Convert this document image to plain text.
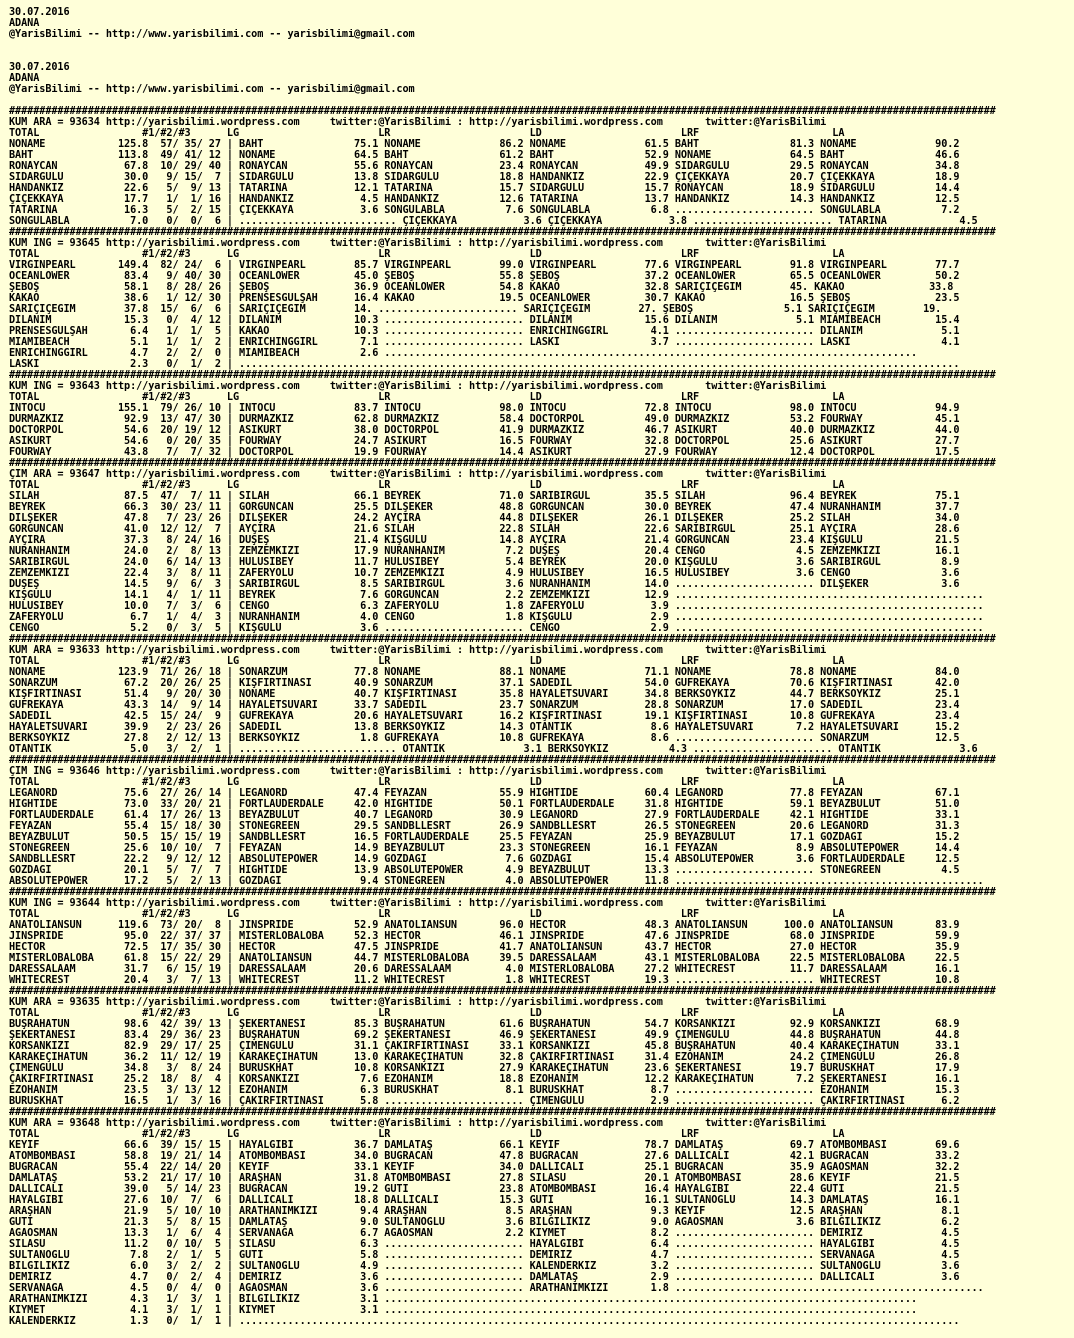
30.07.2016
ADANA
@YarisBilimi -- http://www.yarisbilimi.com -- yarisbilimi@gmail.com

30.07.2016
ADANA
@YarisBilimi -- http://www.yarisbilimi.com -- yarisbilimi@gmail.com

###################################################################################################################################################################
KUM ARA = 93634 http://yarisbilimi.wordpress.com     twitter:@YarisBilimi : http://yarisbilimi.wordpress.com       twitter:@YarisBilimi
TOTAL                 #1/#2/#3      LG                       LR                       LD                       LRF                      LA
NONAME            125.8  57/ 35/ 27 | BAHT               75.1 NONAME             86.2 NONAME             61.5 BAHT               81.3 NONAME             90.2
BAHT              113.8  49/ 41/ 12 | NONAME             64.5 BAHT               61.2 BAHT               52.9 NONAME             64.5 BAHT               46.6
RONAYCAN           67.8  10/ 29/ 40 | RONAYCAN           55.6 RONAYCAN           23.4 RONAYCAN           49.9 SIDARGÜLÜ          29.5 RONAYCAN           34.8
SIDARGÜLÜ          30.0   9/ 15/  7 | SIDARGÜLÜ          13.8 SIDARGÜLÜ          18.8 HANDANKIZ          22.9 ÇİÇEKKAYA          20.7 ÇİÇEKKAYA          18.9
HANDANKIZ          22.6   5/  9/ 13 | TATARİNA           12.1 TATARİNA           15.7 SIDARGÜLÜ          15.7 RONAYCAN           18.9 SIDARGÜLÜ          14.4
ÇİÇEKKAYA          17.7   1/  1/ 16 | HANDANKIZ           4.5 HANDANKIZ          12.6 TATARİNA           13.7 HANDANKIZ          14.3 HANDANKIZ          12.5
TATARİNA           16.3   5/  2/ 15 | ÇİÇEKKAYA           3.6 SONGULABLA          7.6 SONGULABLA          6.8 ....................... SONGULABLA          7.2
SONGULABLA          7.0   0/  0/  6 | .......................... ÇİÇEKKAYA           3.6 ÇİÇEKKAYA           3.8 ....................... TATARİNA            4.5
###################################################################################################################################################################
KUM ING = 93645 http://yarisbilimi.wordpress.com     twitter:@YarisBilimi : http://yarisbilimi.wordpress.com       twitter:@YarisBilimi
TOTAL                 #1/#2/#3      LG                       LR                       LD                       LRF                      LA
VIRGINPEARL       149.4  82/ 24/  6 | VIRGINPEARL        85.7 VIRGINPEARL        99.0 VIRGINPEARL        77.6 VIRGINPEARL        91.8 VIRGINPEARL        77.7
OCEANLOWER         83.4   9/ 40/ 30 | OCEANLOWER         45.0 ŞEBOŞ              55.8 ŞEBOŞ              37.2 OCEANLOWER         65.5 OCEANLOWER         50.2
ŞEBOŞ              58.1   8/ 28/ 26 | ŞEBOŞ              36.9 OCEANLOWER         54.8 KAKAO              32.8 SARIÇİÇEGİM        45. KAKAO              33.8
KAKAO              38.6   1/ 12/ 30 | PRENSESGÜLŞAH      16.4 KAKAO              19.5 OCEANLOWER         30.7 KAKAO              16.5 ŞEBOŞ              23.5
SARIÇİÇEGİM        37.8  15/  6/  6 | SARIÇİÇEGİM        14. ....................... SARIÇİÇEGİM        27. ŞEBOŞ               5.1 SARIÇİÇEGİM        19.
DİLANİM            15.3   0/  4/ 12 | DİLANİM            10.3 ....................... DİLANİM            15.6 DİLANİM             5.1 MİAMİBEACH         15.4
PRENSESGÜLŞAH       6.4   1/  1/  5 | KAKAO              10.3 ....................... ENRİCHINGGIRL       4.1 ....................... DİLANİM             5.1
MİAMİBEACH          5.1   1/  1/  2 | ENRİCHINGGIRL       7.1 ....................... LASKİ               3.7 ....................... LASKİ               4.1
ENRİCHINGGIRL       4.7   2/  2/  0 | MİAMİBEACH          2.6 ........................................................................................
LASKİ               2.3   0/  1/  2 | .......................................................................................................................
###################################################################################################################################################################
KUM ING = 93643 http://yarisbilimi.wordpress.com     twitter:@YarisBilimi : http://yarisbilimi.wordpress.com       twitter:@YarisBilimi
TOTAL                 #1/#2/#3      LG                       LR                       LD                       LRF                      LA
INTOCU            155.1  79/ 26/ 10 | INTOCU             83.7 INTOCU             98.0 INTOCU             72.8 INTOCU             98.0 INTOCU             94.9
DURMAZKIZ          92.9  13/ 47/ 30 | DURMAZKIZ          62.8 DURMAZKIZ          58.4 DOCTORPOL          49.0 DURMAZKIZ          53.2 FOURWAY            45.1
DOCTORPOL          54.6  20/ 19/ 12 | ASİKURT            38.0 DOCTORPOL          41.9 DURMAZKIZ          46.7 ASİKURT            40.0 DURMAZKIZ          44.0
ASİKURT            54.6   0/ 20/ 35 | FOURWAY            24.7 ASİKURT            16.5 FOURWAY            32.8 DOCTORPOL          25.6 ASİKURT            27.7
FOURWAY            43.8   7/  7/ 32 | DOCTORPOL          19.9 FOURWAY            14.4 ASİKURT            27.9 FOURWAY            12.4 DOCTORPOL          17.5
###################################################################################################################################################################
ÇIM ARA = 93647 http://yarisbilimi.wordpress.com     twitter:@YarisBilimi : http://yarisbilimi.wordpress.com       twitter:@YarisBilimi
TOTAL                 #1/#2/#3      LG                       LR                       LD                       LRF                      LA
SİLAH              87.5  47/  7/ 11 | SİLAH              66.1 BEYREK             71.0 SARIBİRGÜL         35.5 SİLAH              96.4 BEYREK             75.1
BEYREK             66.3  30/ 23/ 11 | GÖRGUNCAN          25.5 DİLŞEKER           48.8 GÖRGUNCAN          30.0 BEYREK             47.4 NURANHANIM         37.7
DİLŞEKER           47.8   7/ 23/ 26 | DİLŞEKER           24.2 AYÇİRA             44.8 DİLŞEKER           26.1 DİLŞEKER           25.2 SİLAH              34.0
GÖRGUNCAN          41.0  12/ 12/  7 | AYÇİRA             21.6 SİLAH              22.8 SİLAH              22.6 SARIBİRGÜL         25.1 AYÇİRA             28.6
AYÇİRA             37.3   8/ 24/ 16 | DÜŞEŞ              21.4 KİŞGÜLÜ            14.8 AYÇİRA             21.4 GÖRGUNCAN          23.4 KİŞGÜLÜ            21.5
NURANHANIM         24.0   2/  8/ 13 | ZEMZEMKIZI         17.9 NURANHANIM          7.2 DÜŞEŞ              20.4 CENGO               4.5 ZEMZEMKIZI         16.1
SARIBİRGÜL         24.0   6/ 14/ 13 | HULUSİBEY          11.7 HULUSİBEY           5.4 BEYREK             20.0 KİŞGÜLÜ             3.6 SARIBİRGÜL          8.9
ZEMZEMKIZI         22.4   3/  8/ 11 | ZAFERYOLU          10.7 ZEMZEMKIZI          4.9 HULUSİBEY          16.5 HULUSİBEY           3.6 CENGO               3.6
DÜŞEŞ              14.5   9/  6/  3 | SARIBİRGÜL          8.5 SARIBİRGÜL          3.6 NURANHANIM         14.0 ....................... DİLŞEKER            3.6
KİŞGÜLÜ            14.1   4/  1/ 11 | BEYREK              7.6 GÖRGUNCAN           2.2 ZEMZEMKIZI         12.9 ...................................................
HULUSİBEY          10.0   7/  3/  6 | CENGO               6.3 ZAFERYOLU           1.8 ZAFERYOLU           3.9 ...................................................
ZAFERYOLU           6.7   1/  4/  3 | NURANHANIM          4.0 CENGO               1.8 KİŞGÜLÜ             2.9 ...................................................
CENGO               5.2   0/  3/  5 | KİŞGÜLÜ             3.6 ....................... CENGO               2.9 ...................................................
###################################################################################################################################################################
KUM ARA = 93633 http://yarisbilimi.wordpress.com     twitter:@YarisBilimi : http://yarisbilimi.wordpress.com       twitter:@YarisBilimi
TOTAL                 #1/#2/#3      LG                       LR                       LD                       LRF                      LA
NONAME            123.9  71/ 26/ 18 | SONARZUM           77.8 NONAME             88.1 NONAME             71.1 NONAME             78.8 NONAME             84.0
SONARZUM           67.2  20/ 26/ 25 | KIŞFIRTINASI       40.9 SONARZUM           37.1 SADEDİL            54.0 GÜFREKAYA          70.6 KIŞFIRTINASI       42.0
KIŞFIRTINASI       51.4   9/ 20/ 30 | NONAME             40.7 KIŞFIRTINASI       35.8 HAYALETSÜVARİ      34.8 BERKSOYKIZ         44.7 BERKSOYKIZ         25.1
GÜFREKAYA          43.3  14/  9/ 14 | HAYALETSÜVARİ      33.7 SADEDİL            23.7 SONARZUM           28.8 SONARZUM           17.0 SADEDİL            23.4
SADEDİL            42.5  15/ 24/  9 | GÜFREKAYA          20.6 HAYALETSÜVARİ      16.2 KIŞFIRTINASI       19.1 KIŞFIRTINASI       10.8 GÜFREKAYA          23.4
HAYALETSÜVARİ      39.9   2/ 23/ 26 | SADEDİL            13.8 BERKSOYKIZ         14.3 OTANTİK             8.6 HAYALETSÜVARİ       7.2 HAYALETSÜVARİ      15.2
BERKSOYKIZ         27.8   2/ 12/ 13 | BERKSOYKIZ          1.8 GÜFREKAYA          10.8 GÜFREKAYA           8.6 ....................... SONARZUM           12.5
OTANTİK             5.0   3/  2/  1 | .......................... OTANTİK             3.1 BERKSOYKIZ          4.3 ....................... OTANTİK             3.6
###################################################################################################################################################################
ÇIM ING = 93646 http://yarisbilimi.wordpress.com     twitter:@YarisBilimi : http://yarisbilimi.wordpress.com       twitter:@YarisBilimi
TOTAL                 #1/#2/#3      LG                       LR                       LD                       LRF                      LA
LEGANORD           75.6  27/ 26/ 14 | LEGANORD           47.4 FEYAZAN            55.9 HIGHTIDE           60.4 LEGANORD           77.8 FEYAZAN            67.1
HIGHTIDE           73.0  33/ 20/ 21 | FORTLAUDERDALE     42.0 HIGHTIDE           50.1 FORTLAUDERDALE     31.8 HIGHTIDE           59.1 BEYAZBULUT         51.0
FORTLAUDERDALE     61.4  17/ 26/ 13 | BEYAZBULUT         40.7 LEGANORD           30.9 LEGANORD           27.9 FORTLAUDERDALE     42.1 HIGHTIDE           33.1
FEYAZAN            55.4  15/ 18/ 30 | STONEGREEN         29.5 SANDBLLESRT        26.9 SANDBLLESRT        26.5 STONEGREEN         20.6 LEGANORD           31.3
BEYAZBULUT         50.5  15/ 15/ 19 | SANDBLLESRT        16.5 FORTLAUDERDALE     25.5 FEYAZAN            25.9 BEYAZBULUT         17.1 GÖZDAGI            15.2
STONEGREEN         25.6  10/ 10/  7 | FEYAZAN            14.9 BEYAZBULUT         23.3 STONEGREEN         16.1 FEYAZAN             8.9 ABSOLUTEPOWER      14.4
SANDBLLESRT        22.2   9/ 12/ 12 | ABSOLUTEPOWER      14.9 GÖZDAGI             7.6 GÖZDAGI            15.4 ABSOLUTEPOWER       3.6 FORTLAUDERDALE     12.5
GÖZDAGI            20.1   5/  7/  7 | HIGHTIDE           13.9 ABSOLUTEPOWER       4.9 BEYAZBULUT         13.3 ....................... STONEGREEN          4.5
ABSOLUTEPOWER      17.2   5/  2/ 13 | GÖZDAGI             9.4 STONEGREEN          4.0 ABSOLUTEPOWER      11.8 ...................................................
###################################################################################################################################################################
KUM ING = 93644 http://yarisbilimi.wordpress.com     twitter:@YarisBilimi : http://yarisbilimi.wordpress.com       twitter:@YarisBilimi
TOTAL                 #1/#2/#3      LG                       LR                       LD                       LRF                      LA
ANATOLIANSUN      119.6  73/ 20/  8 | JINSPRIDE          52.9 ANATOLIANSUN       96.0 HECTOR             48.3 ANATOLIANSUN      100.0 ANATOLIANSUN       83.9
JINSPRIDE          95.0  22/ 37/ 37 | MISTERLOBALOBA     52.3 HECTOR             46.1 JINSPRIDE          47.6 JINSPRIDE          68.0 JINSPRIDE          59.9
HECTOR             72.5  17/ 35/ 30 | HECTOR             47.5 JINSPRIDE          41.7 ANATOLIANSUN       43.7 HECTOR             27.0 HECTOR             35.9
MISTERLOBALOBA     61.8  15/ 22/ 29 | ANATOLIANSUN       44.7 MISTERLOBALOBA     39.5 DARESSALAAM        43.1 MISTERLOBALOBA     22.5 MISTERLOBALOBA     22.5
DARESSALAAM        31.7   6/ 15/ 19 | DARESSALAAM        20.6 DARESSALAAM         4.0 MISTERLOBALOBA     27.2 WHITECREST         11.7 DARESSALAAM        16.1
WHITECREST         20.4   3/  7/ 13 | WHITECREST         11.2 WHITECREST          1.8 WHITECREST         19.3 ....................... WHITECREST         10.8
###################################################################################################################################################################
KUM ARA = 93635 http://yarisbilimi.wordpress.com     twitter:@YarisBilimi : http://yarisbilimi.wordpress.com       twitter:@YarisBilimi
TOTAL                 #1/#2/#3      LG                       LR                       LD                       LRF                      LA
BUŞRAHATUN         98.6  42/ 39/ 13 | ŞEKERTANESİ        85.3 BUŞRAHATUN         61.6 BUŞRAHATUN         54.7 KORSANKIZI         92.9 KORSANKIZI         68.9
ŞEKERTANESİ        83.4  29/ 36/ 23 | BUŞRAHATUN         69.2 ŞEKERTANESİ        46.9 ŞEKERTANESİ        49.9 ÇİMENGÜLÜ          44.8 BUŞRAHATUN         44.8
KORSANKIZI         82.9  29/ 17/ 25 | ÇİMENGÜLÜ          31.1 ÇAKIRFIRTINASI     33.1 KORSANKIZI         45.8 BUŞRAHATUN         40.4 KARAKEÇİHATUN      33.1
KARAKEÇİHATUN      36.2  11/ 12/ 19 | KARAKEÇİHATUN      13.0 KARAKEÇİHATUN      32.8 ÇAKIRFIRTINASI     31.4 EZÖHANIM           24.2 ÇİMENGÜLÜ          26.8
ÇİMENGÜLÜ          34.8   3/  8/ 24 | BURUSKHAT          10.8 KORSANKIZI         27.9 KARAKEÇİHATUN      23.6 ŞEKERTANESİ        19.7 BURUSKHAT          17.9
ÇAKIRFIRTINASI     25.2  18/  8/  4 | KORSANKIZI          7.6 EZÖHANIM           18.8 EZÖHANIM           12.2 KARAKEÇİHATUN       7.2 ŞEKERTANESİ        16.1
EZÖHANIM           23.5   3/ 13/ 12 | EZÖHANIM            6.3 BURUSKHAT           8.1 BURUSKHAT           8.7 ....................... EZÖHANIM           15.3
BURUSKHAT          16.5   1/  3/ 16 | ÇAKIRFIRTINASI      5.8 ....................... ÇİMENGÜLÜ           2.9 ....................... ÇAKIRFIRTINASI      6.2
###################################################################################################################################################################
KUM ARA = 93648 http://yarisbilimi.wordpress.com     twitter:@YarisBilimi : http://yarisbilimi.wordpress.com       twitter:@YarisBilimi
TOTAL                 #1/#2/#3      LG                       LR                       LD                       LRF                      LA
KEYİF              66.6  39/ 15/ 15 | HAYALGİBİ          36.7 DAMLATAŞ           66.1 KEYİF              78.7 DAMLATAŞ           69.7 ATOMBOMBASI        69.6
ATOMBOMBASI        58.8  19/ 21/ 14 | ATOMBOMBASI        34.0 BUGRACAN           47.8 BUGRACAN           27.6 DALLICALİ          42.1 BUGRACAN           33.2
BUGRACAN           55.4  22/ 14/ 20 | KEYİF              33.1 KEYİF              34.0 DALLICALİ          25.1 BUGRACAN           35.9 AGAOSMAN           32.2
DAMLATAŞ           53.2  21/ 17/ 10 | ARAŞHAN            31.8 ATOMBOMBASI        27.8 SİLASU             20.1 ATOMBOMBASI        28.6 KEYİF              21.5
DALLICALİ          39.0   5/ 14/ 23 | BUGRACAN           19.2 GUTİ               23.8 ATOMBOMBASI        16.4 HAYALGİBİ          22.4 GUTİ               21.5
HAYALGİBİ          27.6  10/  7/  6 | DALLICALİ          18.8 DALLICALİ          15.3 GUTİ               16.1 SULTANOGLU         14.3 DAMLATAŞ           16.1
ARAŞHAN            21.9   5/ 10/ 10 | ARATHANIMKIZI       9.4 ARAŞHAN             8.5 ARAŞHAN             9.3 KEYİF              12.5 ARAŞHAN             8.1
GUTİ               21.3   5/  8/ 15 | DAMLATAŞ            9.0 SULTANOGLU          3.6 BILGILIKIZ          9.0 AGAOSMAN            3.6 BILGILIKIZ          6.2
AGAOSMAN           13.3   1/  6/  4 | SERVANAGA           6.7 AGAOSMAN            2.2 KIYMET              8.2 ....................... DEMİRİZ             4.5
SİLASU             11.2   0/ 10/  5 | SİLASU              6.3 ....................... HAYALGİBİ           6.4 ....................... HAYALGİBİ           4.5
SULTANOGLU          7.8   2/  1/  5 | GUTİ                5.8 ....................... DEMİRİZ             4.7 ....................... SERVANAGA           4.5
BILGILIKIZ          6.0   3/  2/  2 | SULTANOGLU          4.9 ....................... KALENDERKIZ         3.2 ....................... SULTANOGLU          3.6
DEMİRİZ             4.7   0/  2/  4 | DEMİRİZ             3.6 ....................... DAMLATAŞ            2.9 ....................... DALLICALİ           3.6
SERVANAGA           4.5   0/  4/  0 | AGAOSMAN            3.6 ....................... ARATHANIMKIZI       1.8 ...................................................
ARATHANIMKIZI       4.3   1/  3/  1 | BILGILIKIZ          3.1 ........................................................................................
KIYMET              4.1   3/  1/  1 | KIYMET              3.1 ........................................................................................
KALENDERKIZ         1.3   0/  1/  1 | .......................................................................................................................
